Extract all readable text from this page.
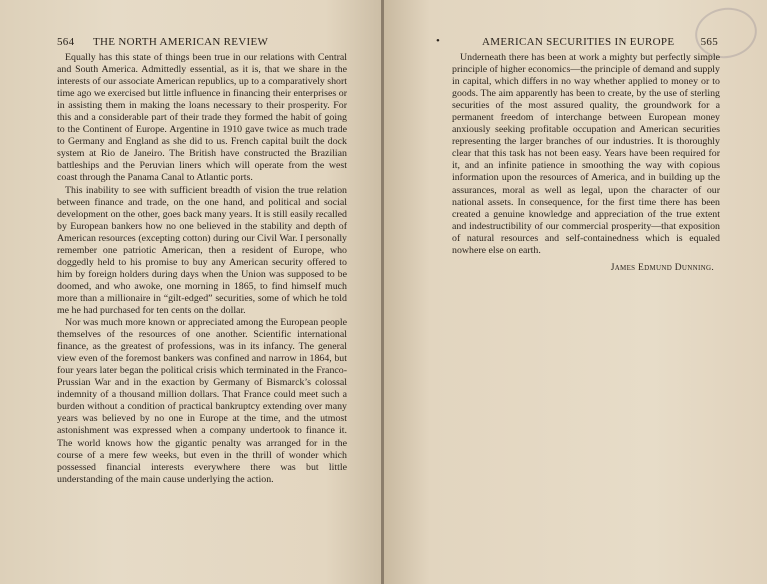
564 THE NORTH AMERICAN REVIEW

Equally has this state of things been true in our relations with Central and South America. Admittedly essential, as it is, that we share in the interests of our associate American republics, up to a comparatively short time ago we exercised but little influence in financing their enterprises or in assisting them in making the loans necessary to their prosperity. For this and a considerable part of their trade they formed the habit of going to the Continent of Europe. Argentine in 1910 gave twice as much trade to Germany and England as she did to us. French capital built the dock system at Rio de Janeiro. The British have constructed the Brazilian battleships and the Peruvian liners which will operate from the west coast through the Panama Canal to Atlantic ports.

This inability to see with sufficient breadth of vision the true relation between finance and trade, on the one hand, and political and social development on the other, goes back many years. It is still easily recalled by European bankers how no one believed in the stability and depth of American resources (excepting cotton) during our Civil War. I personally remember one patriotic American, then a resident of Europe, who doggedly held to his promise to buy any American security offered to him by foreign holders during days when the Union was supposed to be doomed, and who awoke, one morning in 1865, to find himself much more than a millionaire in “gilt-edged” securities, some of which he told me he had purchased for ten cents on the dollar.

Nor was much more known or appreciated among the European people themselves of the resources of one another. Scientific international finance, as the greatest of professions, was in its infancy. The general view even of the foremost bankers was confined and narrow in 1864, but four years later began the political crisis which terminated in the Franco-Prussian War and in the exaction by Germany of Bismarck’s colossal indemnity of a thousand million dollars. That France could meet such a burden without a condition of practical bankruptcy extending over many years was believed by no one in Europe at the time, and the utmost astonishment was expressed when a company undertook to finance it. The world knows how the gigantic penalty was arranged for in the course of a mere few weeks, but even in the thrill of wonder which possessed financial interests everywhere there was but little understanding of the main cause underlying the action.

•	AMERICAN SECURITIES IN EUROPE 565

Underneath there has been at work a mighty but perfectly simple principle of higher economics—the principle of demand and supply in capital, which differs in no way whether applied to money or to goods. The aim apparently has been to create, by the use of sterling securities of the most assured quality, the groundwork for a permanent freedom of interchange between European money anxiously seeking profitable occupation and American securities representing the larger branches of our industries. It is thoroughly clear that this task has not been easy. Years have been required for it, and an infinite patience in smoothing the way with copious information upon the resources of America, and in building up the assurances, moral as well as legal, upon the character of our national assets. In consequence, for the first time there has been created a genuine knowledge and appreciation of the true extent and indestructibility of our commercial prosperity—that exposition of natural resources and self-containedness which is equaled nowhere else on earth.

James Edmund Dunning.
